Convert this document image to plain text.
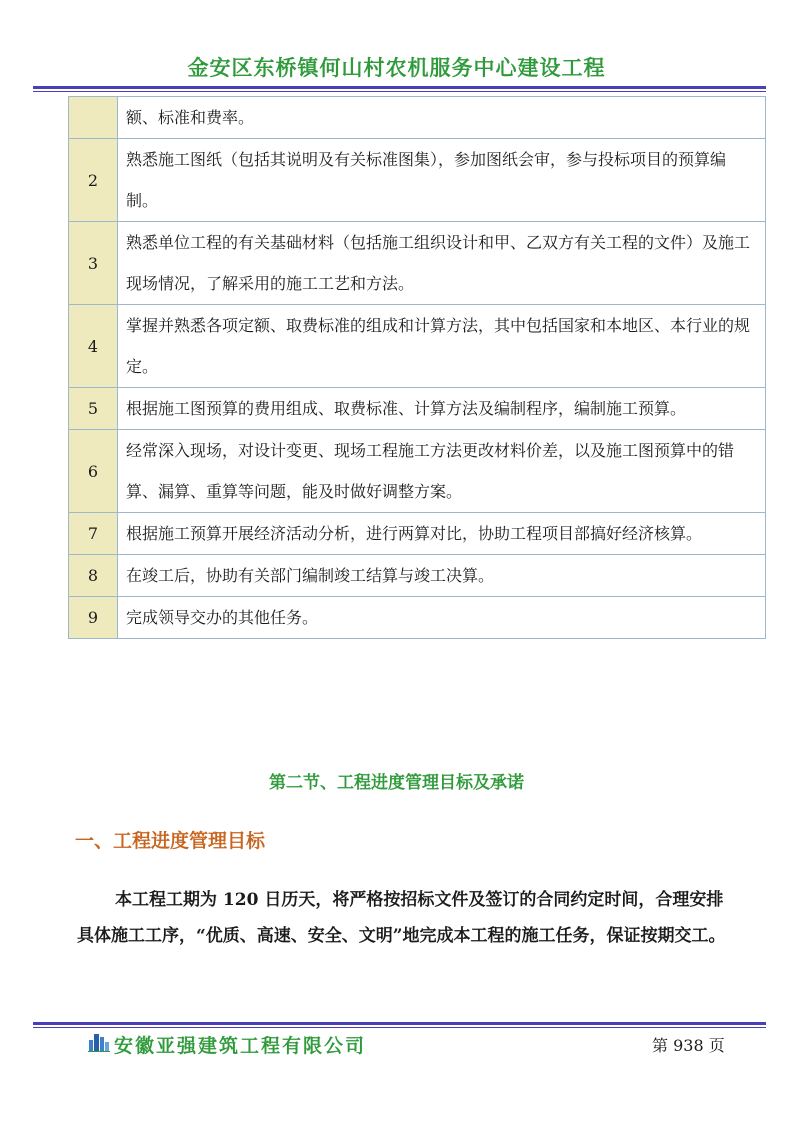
金安区东桥镇何山村农机服务中心建设工程
	额、标准和费率。
2	熟悉施工图纸（包括其说明及有关标准图集），参加图纸会审，参与投标项目的预算编制。
3	熟悉单位工程的有关基础材料（包括施工组织设计和甲、乙双方有关工程的文件）及施工现场情况，了解采用的施工工艺和方法。
4	掌握并熟悉各项定额、取费标准的组成和计算方法，其中包括国家和本地区、本行业的规定。
5	根据施工图预算的费用组成、取费标准、计算方法及编制程序，编制施工预算。
6	经常深入现场，对设计变更、现场工程施工方法更改材料价差，以及施工图预算中的错算、漏算、重算等问题，能及时做好调整方案。
7	根据施工预算开展经济活动分析，进行两算对比，协助工程项目部搞好经济核算。
8	在竣工后，协助有关部门编制竣工结算与竣工决算。
9	完成领导交办的其他任务。
第二节、工程进度管理目标及承诺
一、工程进度管理目标
本工程工期为 120 日历天，将严格按招标文件及签订的合同约定时间，合理安排具体施工工序，“优质、高速、安全、文明”地完成本工程的施工任务，保证按期交工。
安徽亚强建筑工程有限公司	第 938 页
